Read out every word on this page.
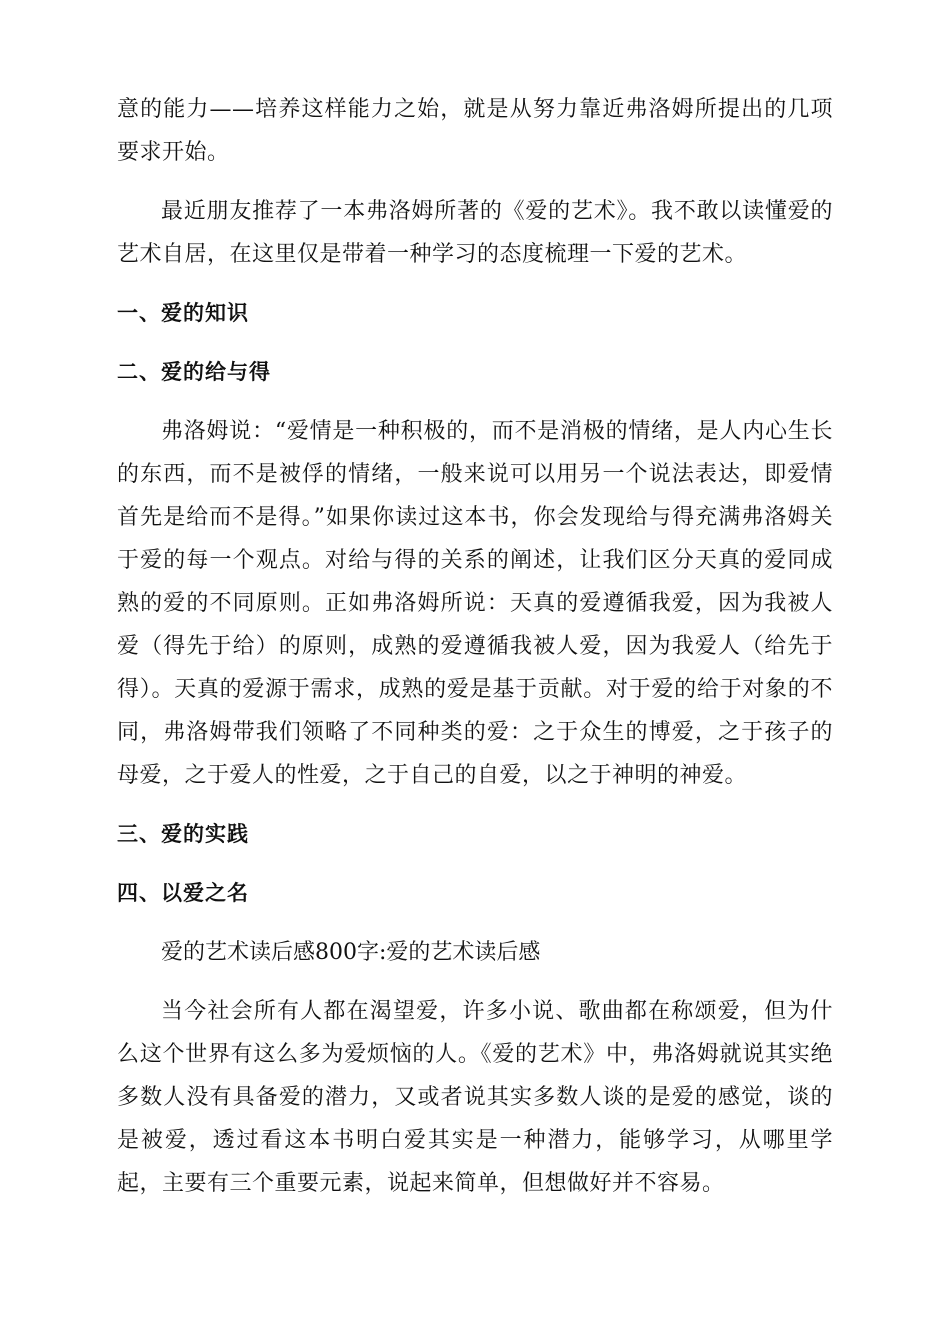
意的能力——培养这样能力之始，就是从努力靠近弗洛姆所提出的几项要求开始。

最近朋友推荐了一本弗洛姆所著的《爱的艺术》。我不敢以读懂爱的艺术自居，在这里仅是带着一种学习的态度梳理一下爱的艺术。

一、爱的知识
二、爱的给与得

弗洛姆说：“爱情是一种积极的，而不是消极的情绪，是人内心生长的东西，而不是被俘的情绪，一般来说可以用另一个说法表达，即爱情首先是给而不是得。”如果你读过这本书，你会发现给与得充满弗洛姆关于爱的每一个观点。对给与得的关系的阐述，让我们区分天真的爱同成熟的爱的不同原则。正如弗洛姆所说：天真的爱遵循我爱，因为我被人爱（得先于给）的原则，成熟的爱遵循我被人爱，因为我爱人（给先于得）。天真的爱源于需求，成熟的爱是基于贡献。对于爱的给于对象的不同，弗洛姆带我们领略了不同种类的爱：之于众生的博爱，之于孩子的母爱，之于爱人的性爱，之于自己的自爱，以之于神明的神爱。

三、爱的实践
四、以爱之名

爱的艺术读后感800字:爱的艺术读后感

当今社会所有人都在渴望爱，许多小说、歌曲都在称颂爱，但为什么这个世界有这么多为爱烦恼的人。《爱的艺术》中，弗洛姆就说其实绝多数人没有具备爱的潜力，又或者说其实多数人谈的是爱的感觉，谈的是被爱，透过看这本书明白爱其实是一种潜力，能够学习，从哪里学起，主要有三个重要元素，说起来简单，但想做好并不容易。
